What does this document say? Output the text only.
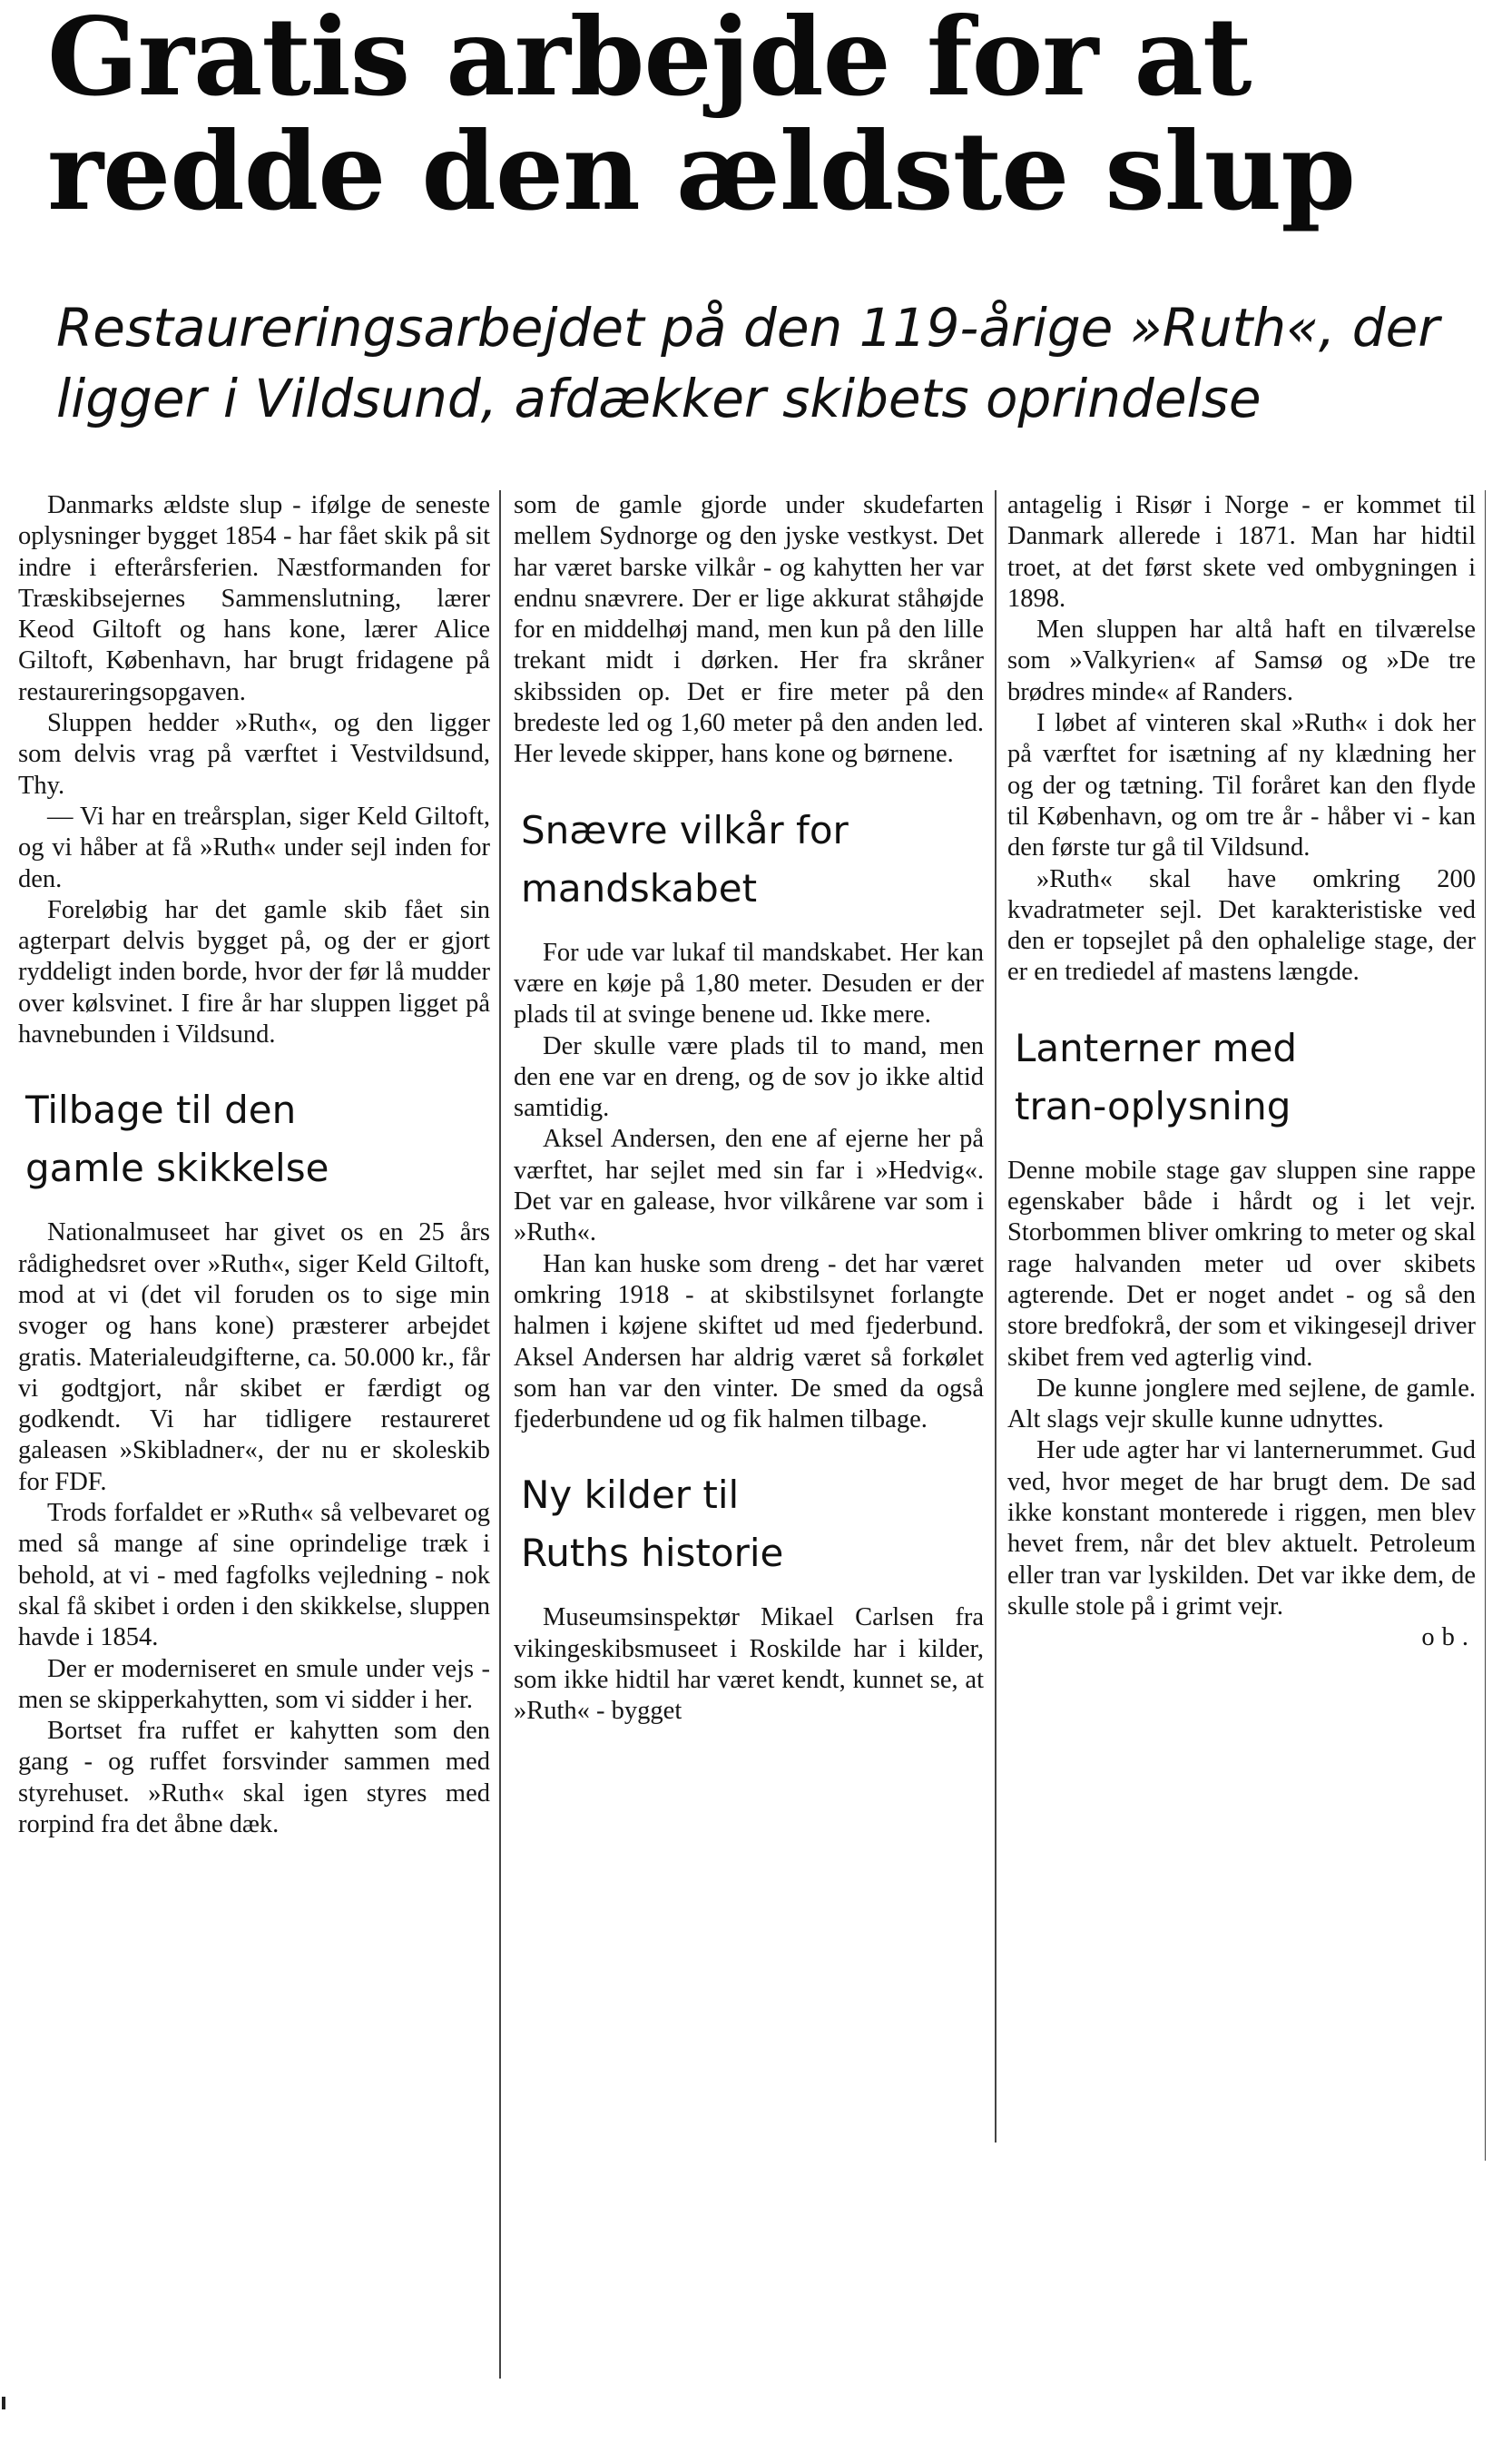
Gratis arbejde for at
redde den ældste slup

Restaureringsarbejdet på den 119-årige »Ruth«, der
ligger i Vildsund, afdækker skibets oprindelse

Danmarks ældste slup - ifølge de seneste oplysninger bygget 1854 - har fået skik på sit indre i efterårsferien. Næstformanden for Træskibsejernes Sammenslutning, lærer Keod Giltoft og hans kone, lærer Alice Giltoft, København, har brugt fridagene på restaureringsopgaven.

Sluppen hedder »Ruth«, og den ligger som delvis vrag på værftet i Vestvildsund, Thy.

— Vi har en treårsplan, siger Keld Giltoft, og vi håber at få »Ruth« under sejl inden for den.

Foreløbig har det gamle skib fået sin agterpart delvis bygget på, og der er gjort ryddeligt inden borde, hvor der før lå mudder over kølsvinet. I fire år har sluppen ligget på havnebunden i Vildsund.

Tilbage til den
gamle skikkelse

Nationalmuseet har givet os en 25 års rådighedsret over »Ruth«, siger Keld Giltoft, mod at vi (det vil foruden os to sige min svoger og hans kone) præsterer arbejdet gratis. Materialeudgifterne, ca. 50.000 kr., får vi godtgjort, når skibet er færdigt og godkendt. Vi har tidligere restaureret galeasen »Skibladner«, der nu er skoleskib for FDF.

Trods forfaldet er »Ruth« så velbevaret og med så mange af sine oprindelige træk i behold, at vi - med fagfolks vejledning - nok skal få skibet i orden i den skikkelse, sluppen havde i 1854.

Der er moderniseret en smule under vejs - men se skipperkahytten, som vi sidder i her.

Bortset fra ruffet er kahytten som den gang - og ruffet forsvinder sammen med styrehuset. »Ruth« skal igen styres med rorpind fra det åbne dæk.

som de gamle gjorde under skudefarten mellem Sydnorge og den jyske vestkyst. Det har været barske vilkår - og kahytten her var endnu snævrere. Der er lige akkurat ståhøjde for en middelhøj mand, men kun på den lille trekant midt i dørken. Her fra skråner skibssiden op. Det er fire meter på den bredeste led og 1,60 meter på den anden led. Her levede skipper, hans kone og børnene.

Snævre vilkår for
mandskabet

For ude var lukaf til mandskabet. Her kan være en køje på 1,80 meter. Desuden er der plads til at svinge benene ud. Ikke mere.

Der skulle være plads til to mand, men den ene var en dreng, og de sov jo ikke altid samtidig.

Aksel Andersen, den ene af ejerne her på værftet, har sejlet med sin far i »Hedvig«. Det var en galease, hvor vilkårene var som i »Ruth«.

Han kan huske som dreng - det har været omkring 1918 - at skibstilsynet forlangte halmen i køjene skiftet ud med fjederbund. Aksel Andersen har aldrig været så forkølet som han var den vinter. De smed da også fjederbundene ud og fik halmen tilbage.

Ny kilder til
Ruths historie

Museumsinspektør Mikael Carlsen fra vikingeskibsmuseet i Roskilde har i kilder, som ikke hidtil har været kendt, kunnet se, at »Ruth« - bygget

antagelig i Risør i Norge - er kommet til Danmark allerede i 1871. Man har hidtil troet, at det først skete ved ombygningen i 1898.

Men sluppen har altå haft en tilværelse som »Valkyrien« af Samsø og »De tre brødres minde« af Randers.

I løbet af vinteren skal »Ruth« i dok her på værftet for isætning af ny klædning her og der og tætning. Til foråret kan den flyde til København, og om tre år - håber vi - kan den første tur gå til Vildsund.

»Ruth« skal have omkring 200 kvadratmeter sejl. Det karakteristiske ved den er topsejlet på den ophalelige stage, der er en trediedel af mastens længde.

Lanterner med
tran-oplysning

Denne mobile stage gav sluppen sine rappe egenskaber både i hårdt og i let vejr. Storbommen bliver omkring to meter og skal rage halvanden meter ud over skibets agterende. Det er noget andet - og så den store bredfokrå, der som et vikingesejl driver skibet frem ved agterlig vind.

De kunne jonglere med sejlene, de gamle. Alt slags vejr skulle kunne udnyttes.

Her ude agter har vi lanternerummet. Gud ved, hvor meget de har brugt dem. De sad ikke konstant monterede i riggen, men blev hevet frem, når det blev aktuelt. Petroleum eller tran var lyskilden. Det var ikke dem, de skulle stole på i grimt vejr.

ob.
